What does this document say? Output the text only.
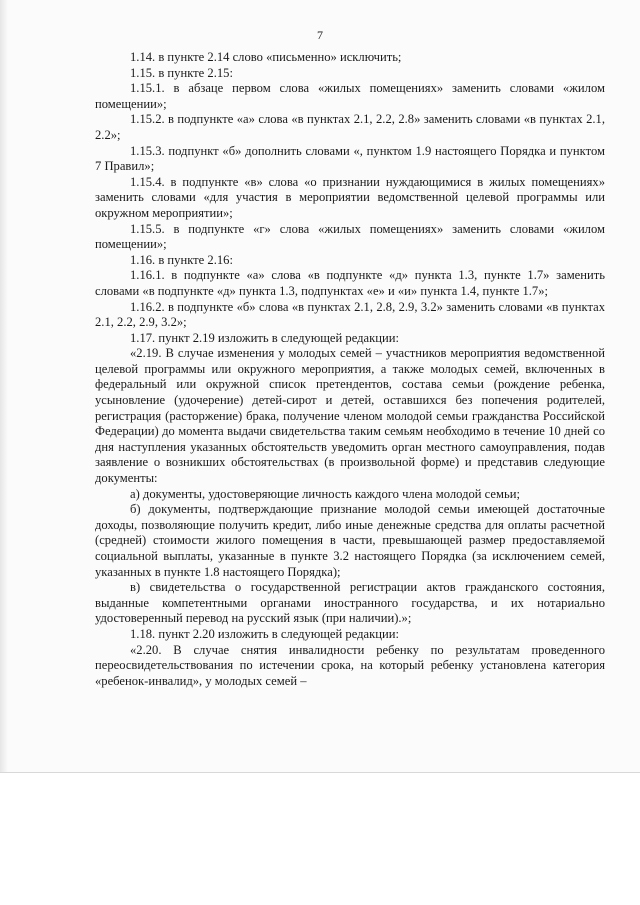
7

1.14. в пункте 2.14 слово «письменно» исключить;

1.15. в пункте 2.15:

1.15.1. в абзаце первом слова «жилых помещениях» заменить словами «жилом помещении»;

1.15.2. в подпункте «а» слова «в пунктах 2.1, 2.2, 2.8» заменить словами «в пунктах 2.1, 2.2»;

1.15.3. подпункт «б» дополнить словами «, пунктом 1.9 настоящего Порядка и пунктом 7 Правил»;

1.15.4. в подпункте «в» слова «о признании нуждающимися в жилых помещениях» заменить словами «для участия в мероприятии ведомственной целевой программы или окружном мероприятии»;

1.15.5. в подпункте «г» слова «жилых помещениях» заменить словами «жилом помещении»;

1.16. в пункте 2.16:

1.16.1. в подпункте «а» слова «в подпункте «д» пункта 1.3, пункте 1.7» заменить словами «в подпункте «д» пункта 1.3, подпунктах «е» и «и» пункта 1.4, пункте 1.7»;

1.16.2. в подпункте «б» слова «в пунктах 2.1, 2.8, 2.9, 3.2» заменить словами «в пунктах 2.1, 2.2, 2.9, 3.2»;

1.17. пункт 2.19 изложить в следующей редакции:

«2.19. В случае изменения у молодых семей – участников мероприятия ведомственной целевой программы или окружного мероприятия, а также молодых семей, включенных в федеральный или окружной список претендентов, состава семьи (рождение ребенка, усыновление (удочерение) детей-сирот и детей, оставшихся без попечения родителей, регистрация (расторжение) брака, получение членом молодой семьи гражданства Российской Федерации) до момента выдачи свидетельства таким семьям необходимо в течение 10 дней со дня наступления указанных обстоятельств уведомить орган местного самоуправления, подав заявление о возникших обстоятельствах (в произвольной форме) и представив следующие документы:

а) документы, удостоверяющие личность каждого члена молодой семьи;

б) документы, подтверждающие признание молодой семьи имеющей достаточные доходы, позволяющие получить кредит, либо иные денежные средства для оплаты расчетной (средней) стоимости жилого помещения в части, превышающей размер предоставляемой социальной выплаты, указанные в пункте 3.2 настоящего Порядка (за исключением семей, указанных в пункте 1.8 настоящего Порядка);

в) свидетельства о государственной регистрации актов гражданского состояния, выданные компетентными органами иностранного государства, и их нотариально удостоверенный перевод на русский язык (при наличии).»;

1.18. пункт 2.20 изложить в следующей редакции:

«2.20. В случае снятия инвалидности ребенку по результатам проведенного переосвидетельствования по истечении срока, на который ребенку установлена категория «ребенок-инвалид», у молодых семей –
